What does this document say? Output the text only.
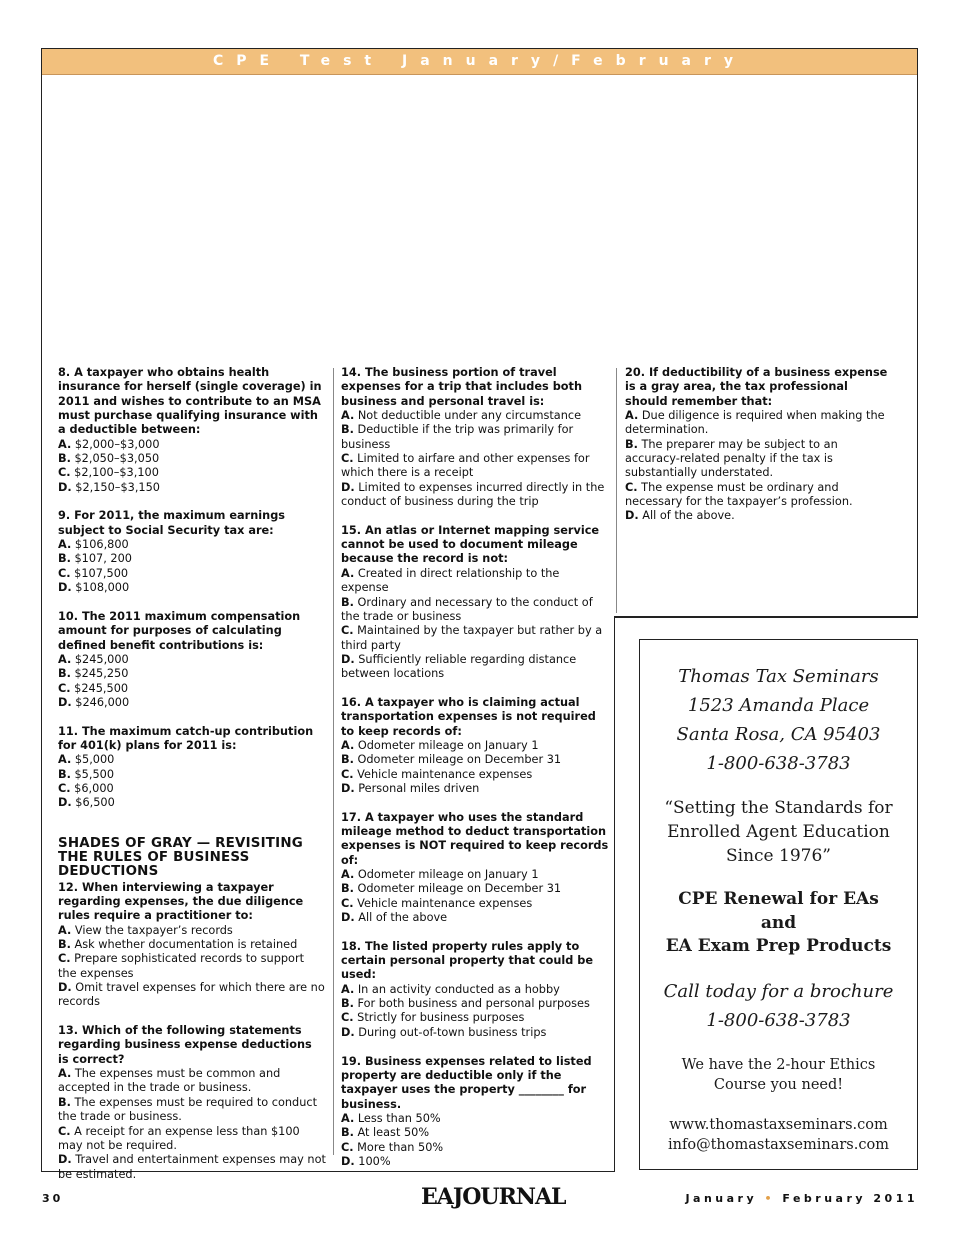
CPE Test January/February
8. A taxpayer who obtains health insurance for herself (single coverage) in 2011 and wishes to contribute to an MSA must purchase qualifying insurance with a deductible between:
A. $2,000–$3,000
B. $2,050–$3,050
C. $2,100–$3,100
D. $2,150–$3,150
9. For 2011, the maximum earnings subject to Social Security tax are:
A. $106,800
B. $107, 200
C. $107,500
D. $108,000
10. The 2011 maximum compensation amount for purposes of calculating defined benefit contributions is:
A. $245,000
B. $245,250
C. $245,500
D. $246,000
11. The maximum catch-up contribution for 401(k) plans for 2011 is:
A. $5,000
B. $5,500
C. $6,000
D. $6,500
SHADES OF GRAY — REVISITING THE RULES OF BUSINESS DEDUCTIONS
12. When interviewing a taxpayer regarding expenses, the due diligence rules require a practitioner to:
A. View the taxpayer’s records
B. Ask whether documentation is retained
C. Prepare sophisticated records to support the expenses
D. Omit travel expenses for which there are no records
13. Which of the following statements regarding business expense deductions is correct?
A. The expenses must be common and accepted in the trade or business.
B. The expenses must be required to conduct the trade or business.
C. A receipt for an expense less than $100 may not be required.
D. Travel and entertainment expenses may not be estimated.
14. The business portion of travel expenses for a trip that includes both business and personal travel is:
A. Not deductible under any circumstance
B. Deductible if the trip was primarily for business
C. Limited to airfare and other expenses for which there is a receipt
D. Limited to expenses incurred directly in the conduct of business during the trip
15. An atlas or Internet mapping service cannot be used to document mileage because the record is not:
A. Created in direct relationship to the expense
B. Ordinary and necessary to the conduct of the trade or business
C. Maintained by the taxpayer but rather by a third party
D. Sufficiently reliable regarding distance between locations
16. A taxpayer who is claiming actual transportation expenses is not required to keep records of:
A. Odometer mileage on January 1
B. Odometer mileage on December 31
C. Vehicle maintenance expenses
D. Personal miles driven
17. A taxpayer who uses the standard mileage method to deduct transportation expenses is NOT required to keep records of:
A. Odometer mileage on January 1
B. Odometer mileage on December 31
C. Vehicle maintenance expenses
D. All of the above
18. The listed property rules apply to certain personal property that could be used:
A. In an activity conducted as a hobby
B. For both business and personal purposes
C. Strictly for business purposes
D. During out-of-town business trips
19. Business expenses related to listed property are deductible only if the taxpayer uses the property ________ for business.
A. Less than 50%
B. At least 50%
C. More than 50%
D. 100%
20. If deductibility of a business expense is a gray area, the tax professional should remember that:
A. Due diligence is required when making the determination.
B. The preparer may be subject to an accuracy-related penalty if the tax is substantially understated.
C. The expense must be ordinary and necessary for the taxpayer’s profession.
D. All of the above.
Thomas Tax Seminars
1523 Amanda Place
Santa Rosa, CA 95403
1-800-638-3783
“Setting the Standards for
Enrolled Agent Education
Since 1976”
CPE Renewal for EAs
and
EA Exam Prep Products
Call today for a brochure
1-800-638-3783
We have the 2-hour Ethics
Course you need!
www.thomastaxseminars.com
info@thomastaxseminars.com
30	EAJOURNAL	January • February 2011
